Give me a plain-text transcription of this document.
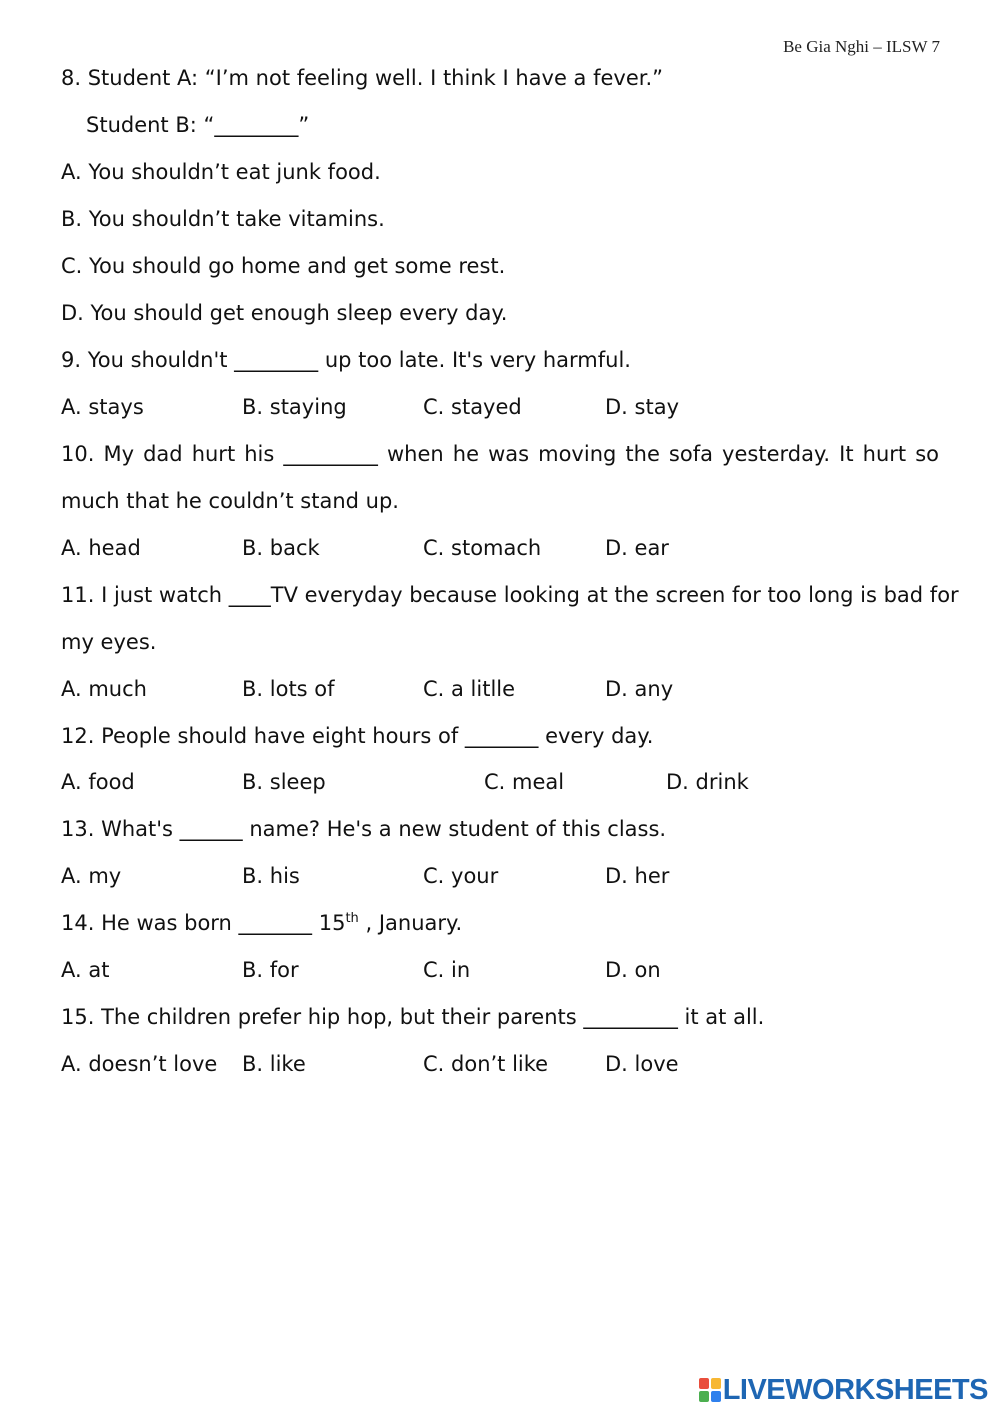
Be Gia Nghi – ILSW 7
8. Student A: “I’m not feeling well. I think I have a fever.”
Student B: “________”
A. You shouldn’t eat junk food.
B. You shouldn’t take vitamins.
C. You should go home and get some rest.
D. You should get enough sleep every day.
9. You shouldn't ________ up too late. It's very harmful.
A. stays	B. staying	C. stayed	D. stay
10. My dad hurt his _________ when he was moving the sofa yesterday. It hurt so
much that he couldn’t stand up.
A. head	B. back	C. stomach	D. ear
11. I just watch ____TV everyday because looking at the screen for too long is bad for
my eyes.
A. much	B. lots of	C. a litlle	D. any
12. People should have eight hours of _______ every day.
A. food	B. sleep	C. meal	D. drink
13. What's ______ name? He's a new student of this class.
A. my	B. his	C. your	D. her
14. He was born _______ 15th , January.
A. at	B. for	C. in	D. on
15. The children prefer hip hop, but their parents _________ it at all.
A. doesn’t love B. like	C. don’t like	D. love
LIVEWORKSHEETS
